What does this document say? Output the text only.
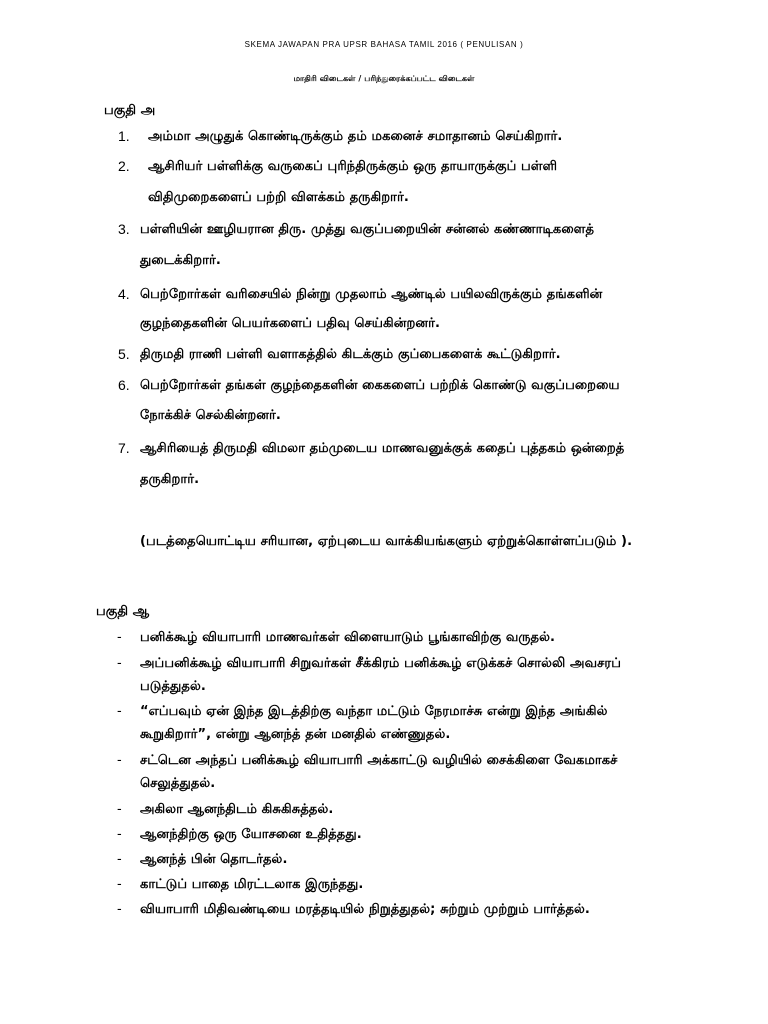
SKEMA JAWAPAN PRA UPSR BAHASA TAMIL 2016 ( PENULISAN )
மாதிரி விடைகள் / பரிந்துரைக்கப்பட்ட விடைகள்
பகுதி அ
1. அம்மா அழுதுக் கொண்டிருக்கும் தம் மகனைச் சமாதானம் செய்கிறார்.
2. ஆசிரியர் பள்ளிக்கு வருகைப் புரிந்திருக்கும் ஒரு தாயாருக்குப் பள்ளி
விதிமுறைகளைப் பற்றி விளக்கம் தருகிறார்.
3. பள்ளியின் ஊழியரான திரு. முத்து வகுப்பறையின் சன்னல் கண்ணாடிகளைத்
துடைக்கிறார்.
4. பெற்றோர்கள் வரிசையில் நின்று முதலாம் ஆண்டில் பயிலவிருக்கும் தங்களின்
குழந்தைகளின் பெயர்களைப் பதிவு செய்கின்றனர்.
5. திருமதி ராணி பள்ளி வளாகத்தில் கிடக்கும் குப்பைகளைக் கூட்டுகிறார்.
6. பெற்றோர்கள் தங்கள் குழந்தைகளின் கைகளைப் பற்றிக் கொண்டு வகுப்பறையை
நோக்கிச் செல்கின்றனர்.
7. ஆசிரியைத் திருமதி விமலா தம்முடைய மாணவனுக்குக் கதைப் புத்தகம் ஒன்றைத்
தருகிறார்.
(படத்தையொட்டிய சரியான, ஏற்புடைய வாக்கியங்களும் ஏற்றுக்கொள்ளப்படும் ).
பகுதி ஆ
- பனிக்கூழ் வியாபாரி மாணவர்கள் விளையாடும் பூங்காவிற்கு வருதல்.
- அப்பனிக்கூழ் வியாபாரி சிறுவர்கள் சீக்கிரம் பனிக்கூழ் எடுக்கச் சொல்லி அவசரப்
படுத்துதல்.
- “எப்பவும் ஏன் இந்த இடத்திற்கு வந்தா மட்டும் நேரமாச்சு என்று இந்த அங்கில்
கூறுகிறார்”, என்று ஆனந்த் தன் மனதில் எண்ணுதல்.
- சட்டென அந்தப் பனிக்கூழ் வியாபாரி அக்காட்டு வழியில் சைக்கிளை வேகமாகச்
செலுத்துதல்.
- அகிலா ஆனந்திடம் கிசுகிசுத்தல்.
- ஆனந்திற்கு ஒரு யோசனை உதித்தது.
- ஆனந்த் பின் தொடர்தல்.
- காட்டுப் பாதை மிரட்டலாக இருந்தது.
- வியாபாரி மிதிவண்டியை மரத்தடியில் நிறுத்துதல்; சுற்றும் முற்றும் பார்த்தல்.
